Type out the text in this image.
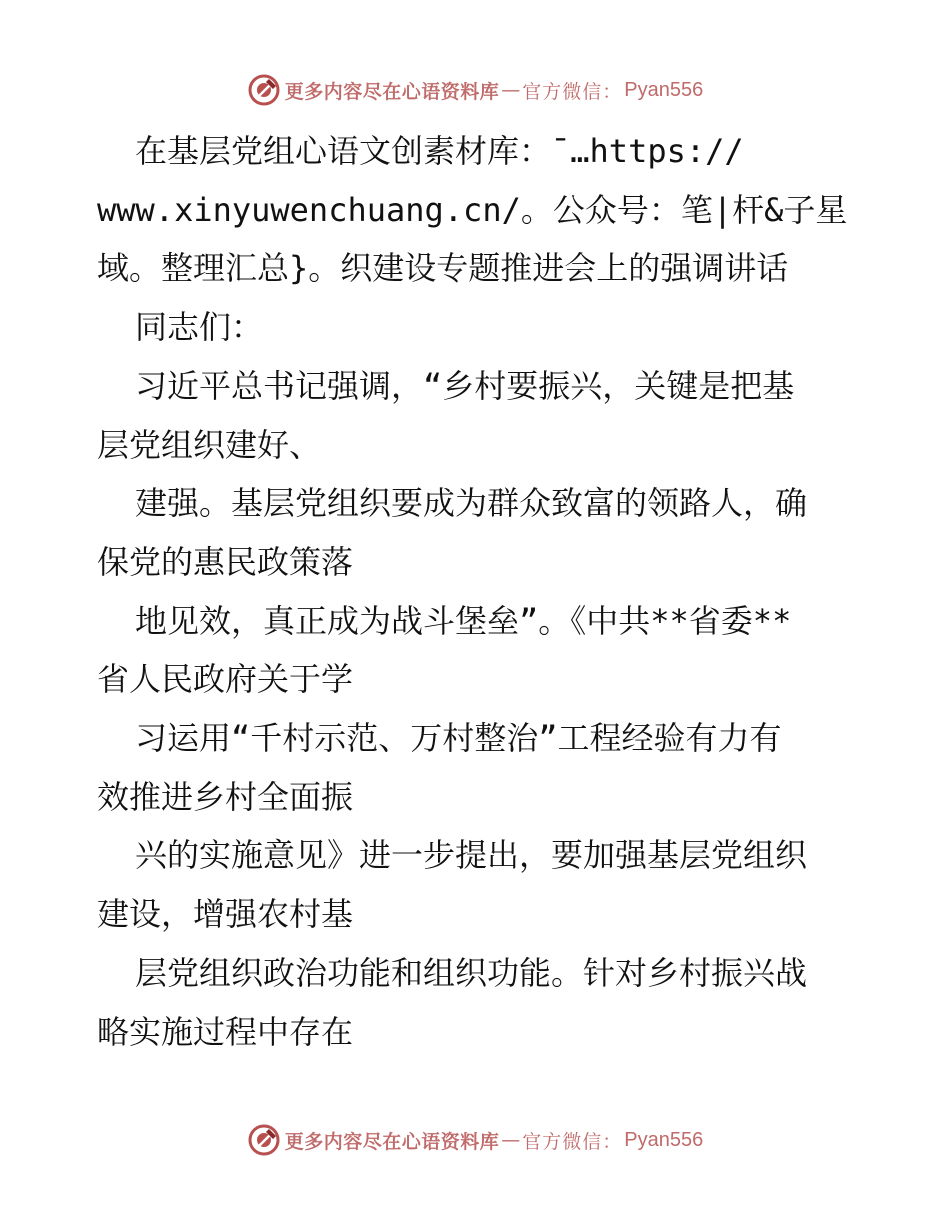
更多内容尽在心语资料库 — 官方微信： Pyan556
在基层党组心语文创素材库：¯…https://
www.xinyuwenchuang.cn/。公众号：笔|杆&子星
域。整理汇总}。织建设专题推进会上的强调讲话
同志们：
习近平总书记强调，“乡村要振兴，关键是把基
层党组织建好、
建强。基层党组织要成为群众致富的领路人，确
保党的惠民政策落
地见效，真正成为战斗堡垒”。《中共**省委**
省人民政府关于学
习运用“千村示范、万村整治”工程经验有力有
效推进乡村全面振
兴的实施意见》进一步提出，要加强基层党组织
建设，增强农村基
层党组织政治功能和组织功能。针对乡村振兴战
略实施过程中存在
更多内容尽在心语资料库 — 官方微信： Pyan556
